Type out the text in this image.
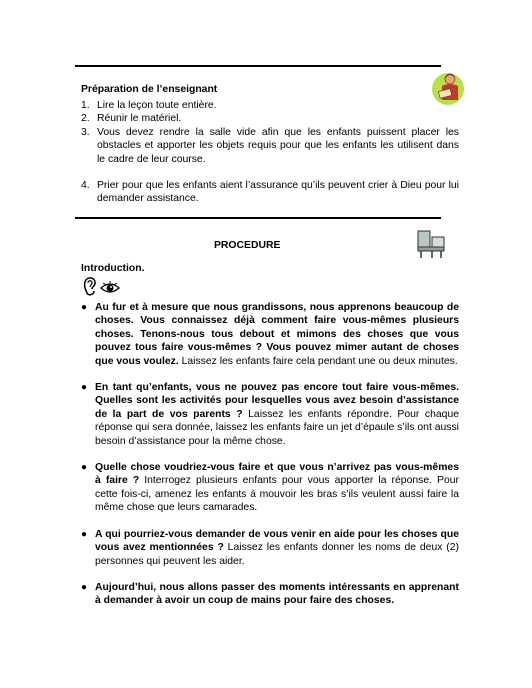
Préparation de l’enseignant
1. Lire la leçon toute entière.
2. Réunir le matériel.
3. Vous devez rendre la salle vide afin que les enfants puissent placer les obstacles et apporter les objets requis pour que les enfants les utilisent dans le cadre de leur course.
4. Prier pour que les enfants aient l’assurance qu’ils peuvent crier à Dieu pour lui demander assistance.
PROCEDURE
Introduction.
● Au fur et à mesure que nous grandissons, nous apprenons beaucoup de choses. Vous connaissez déjà comment faire vous-mêmes plusieurs choses. Tenons-nous tous debout et mimons des choses que vous pouvez tous faire vous-mêmes ? Vous pouvez mimer autant de choses que vous voulez. Laissez les enfants faire cela pendant une ou deux minutes.
● En tant qu’enfants, vous ne pouvez pas encore tout faire vous-mêmes. Quelles sont les activités pour lesquelles vous avez besoin d’assistance de la part de vos parents ? Laissez les enfants répondre. Pour chaque réponse qui sera donnée, laissez les enfants faire un jet d’épaule s’ils ont aussi besoin d’assistance pour la même chose.
● Quelle chose voudriez-vous faire et que vous n’arrivez pas vous-mêmes à faire ? Interrogez plusieurs enfants pour vous apporter la réponse. Pour cette fois-ci, amenez les enfants à mouvoir les bras s’ils veulent aussi faire la même chose que leurs camarades.
● A qui pourriez-vous demander de vous venir en aide pour les choses que vous avez mentionnées ? Laissez les enfants donner les noms de deux (2) personnes qui peuvent les aider.
● Aujourd’hui, nous allons passer des moments intéressants en apprenant à demander à avoir un coup de mains pour faire des choses.
